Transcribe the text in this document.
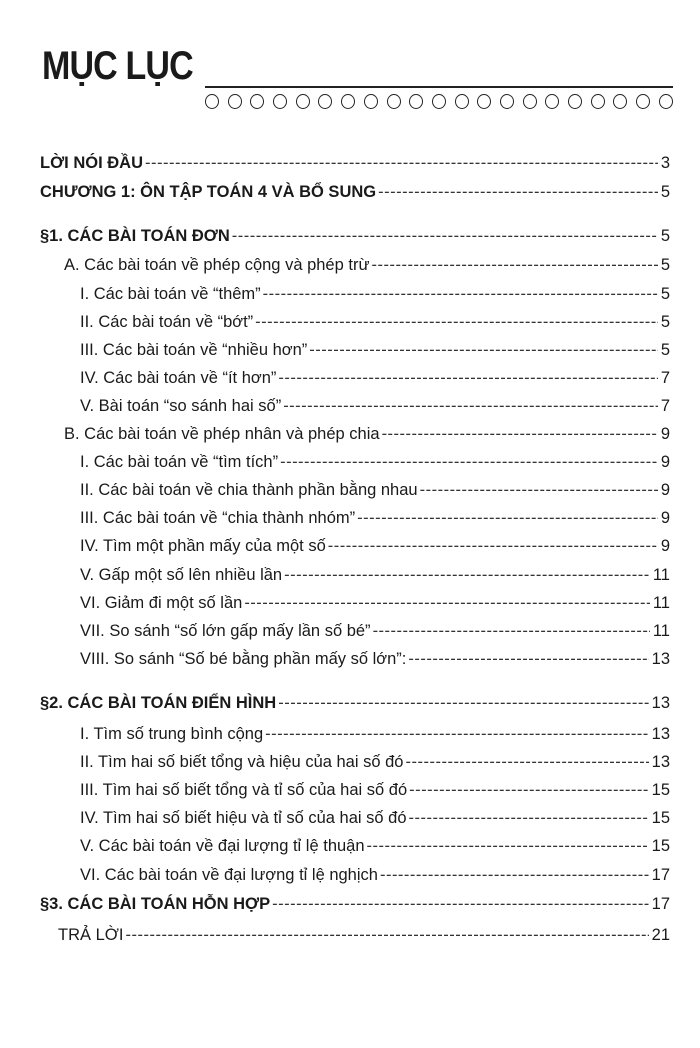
MỤC LỤC
LỜI NÓI ĐẦU -----	3
CHƯƠNG 1: ÔN TẬP TOÁN 4 VÀ BỔ SUNG -----	5
§1. CÁC BÀI TOÁN ĐƠN -----	5
A. Các bài toán về phép cộng và phép trừ -----	5
I. Các bài toán về “thêm” -----	5
II. Các bài toán về “bớt” -----	5
III. Các bài toán về “nhiều hơn” -----	5
IV. Các bài toán về “ít hơn” -----	7
V. Bài toán “so sánh hai số” -----	7
B. Các bài toán về phép nhân và phép chia -----	9
I. Các bài toán về “tìm tích” -----	9
II. Các bài toán về chia thành phần bằng nhau -----	9
III. Các bài toán về “chia thành nhóm” -----	9
IV. Tìm một phần mấy của một số -----	9
V. Gấp một số lên nhiều lần -----	11
VI. Giảm đi một số lần -----	11
VII. So sánh “số lớn gấp mấy lần số bé” -----	11
VIII. So sánh “Số bé bằng phần mấy số lớn”: -----	13
§2. CÁC BÀI TOÁN ĐIỂN HÌNH -----	13
I. Tìm số trung bình cộng -----	13
II. Tìm hai số biết tổng và hiệu của hai số đó -----	13
III. Tìm hai số biết tổng và tỉ số của hai số đó -----	15
IV. Tìm hai số biết hiệu và tỉ số của hai số đó -----	15
V. Các bài toán về đại lượng tỉ lệ thuận -----	15
VI. Các bài toán về đại lượng tỉ lệ nghịch -----	17
§3. CÁC BÀI TOÁN HỖN HỢP -----	17
TRẢ LỜI -----	21
